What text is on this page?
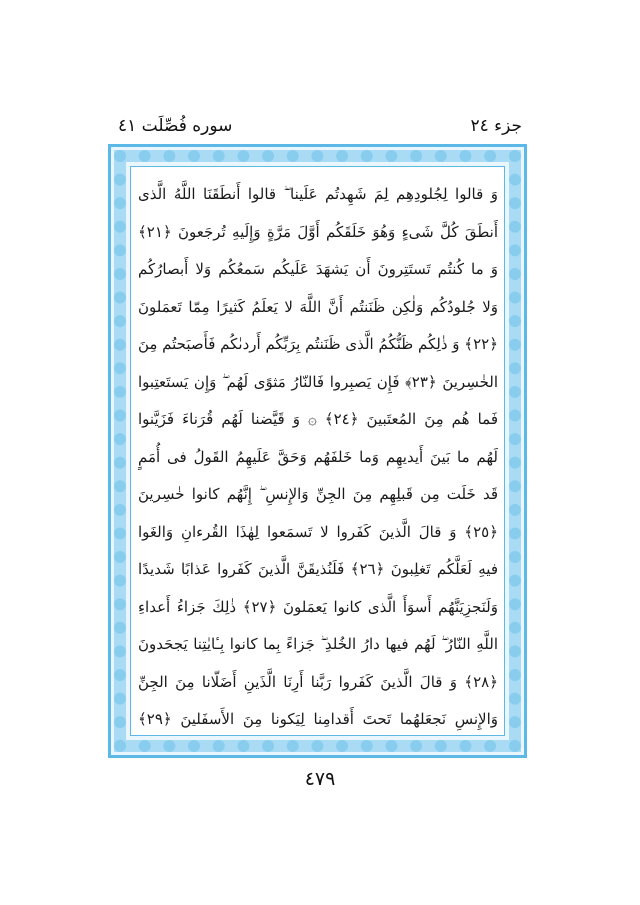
جزء ٢٤
سوره فُصِّلَت ٤١
وَ قالوا لِجُلودِهِم لِمَ شَهِدتُم عَلَينا ۖ قالوا أَنطَقَنَا اللَّهُ الَّذى
أَنطَقَ كُلَّ شَىءٍ وَهُوَ خَلَقَكُم أَوَّلَ مَرَّةٍ وَإِلَيهِ تُرجَعونَ ﴿٢١﴾
وَ ما كُنتُم تَستَتِرونَ أَن يَشهَدَ عَلَيكُم سَمعُكُم وَلا أَبصارُكُم
وَلا جُلودُكُم وَلٰكِن ظَنَنتُم أَنَّ اللَّهَ لا يَعلَمُ كَثيرًا مِمّا تَعمَلونَ
﴿٢٢﴾ وَ ذٰلِكُم ظَنُّكُمُ الَّذى ظَنَنتُم بِرَبِّكُم أَردىٰكُم فَأَصبَحتُم مِنَ
الخٰسِرينَ ﴿٢٣﴾ فَإِن يَصبِروا فَالنّارُ مَثوًى لَهُم ۖ وَإِن يَستَعتِبوا
فَما هُم مِنَ المُعتَبينَ ﴿٢٤﴾ ۞ وَ قَيَّضنا لَهُم قُرَناءَ فَزَيَّنوا
لَهُم ما بَينَ أَيديهِم وَما خَلفَهُم وَحَقَّ عَلَيهِمُ القَولُ فى أُمَمٍ
قَد خَلَت مِن قَبلِهِم مِنَ الجِنِّ وَالإِنسِ ۖ إِنَّهُم كانوا خٰسِرينَ
﴿٢٥﴾ وَ قالَ الَّذينَ كَفَروا لا تَسمَعوا لِهٰذَا القُرءانِ وَالغَوا
فيهِ لَعَلَّكُم تَغلِبونَ ﴿٢٦﴾ فَلَنُذيقَنَّ الَّذينَ كَفَروا عَذابًا شَديدًا
وَلَنَجزِيَنَّهُم أَسوَأَ الَّذى كانوا يَعمَلونَ ﴿٢٧﴾ ذٰلِكَ جَزاءُ أَعداءِ
اللَّهِ النّارُ ۖ لَهُم فيها دارُ الخُلدِ ۖ جَزاءً بِما كانوا بِـٔايٰتِنا يَجحَدونَ
﴿٢٨﴾ وَ قالَ الَّذينَ كَفَروا رَبَّنا أَرِنَا الَّذَينِ أَضَلّانا مِنَ الجِنِّ
وَالإِنسِ نَجعَلهُما تَحتَ أَقدامِنا لِيَكونا مِنَ الأَسفَلينَ ﴿٢٩﴾
٤٧٩
